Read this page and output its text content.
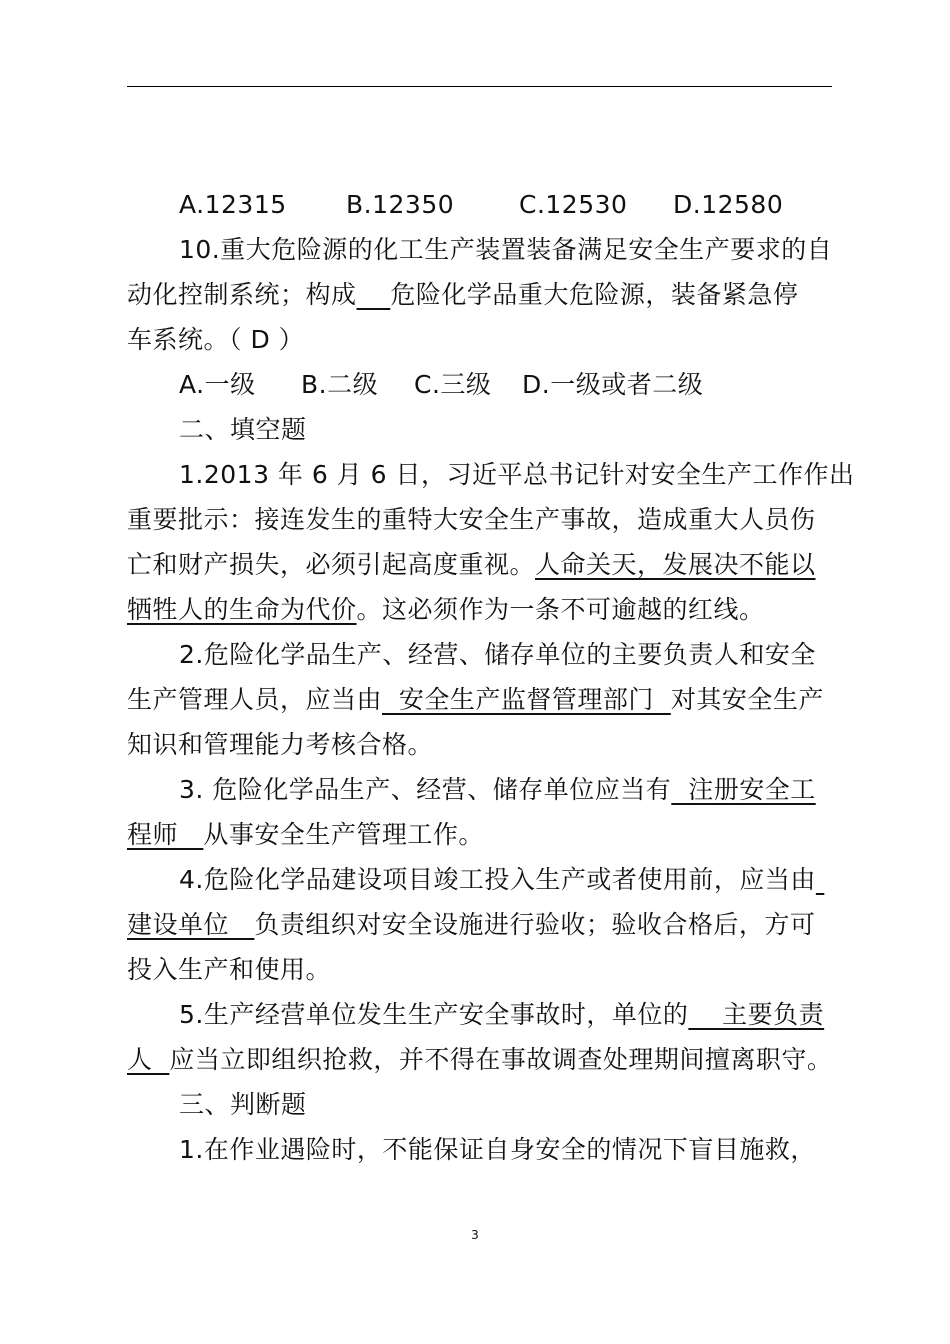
A.12315	B.12350	C.12530	D.12580
10.重大危险源的化工生产装置装备满足安全生产要求的自
动化控制系统；构成 危险化学品重大危险源，装备紧急停
车系统。（ D ）
A.一级	B.二级	C.三级	D.一级或者二级
二、填空题
1.2013 年 6 月 6 日，习近平总书记针对安全生产工作作出
重要批示：接连发生的重特大安全生产事故，造成重大人员伤
亡和财产损失，必须引起高度重视。人命关天，发展决不能以
牺牲人的生命为代价。这必须作为一条不可逾越的红线。
2.危险化学品生产、经营、储存单位的主要负责人和安全
生产管理人员，应当由  安全生产监督管理部门  对其安全生产
知识和管理能力考核合格。
3. 危险化学品生产、经营、储存单位应当有  注册安全工
程师   从事安全生产管理工作。
4.危险化学品建设项目竣工投入生产或者使用前，应当由
建设单位   负责组织对安全设施进行验收；验收合格后，方可
投入生产和使用。
5.生产经营单位发生生产安全事故时，单位的    主要负责
人  应当立即组织抢救，并不得在事故调查处理期间擅离职守。
三、判断题
1.在作业遇险时，不能保证自身安全的情况下盲目施救，
3
